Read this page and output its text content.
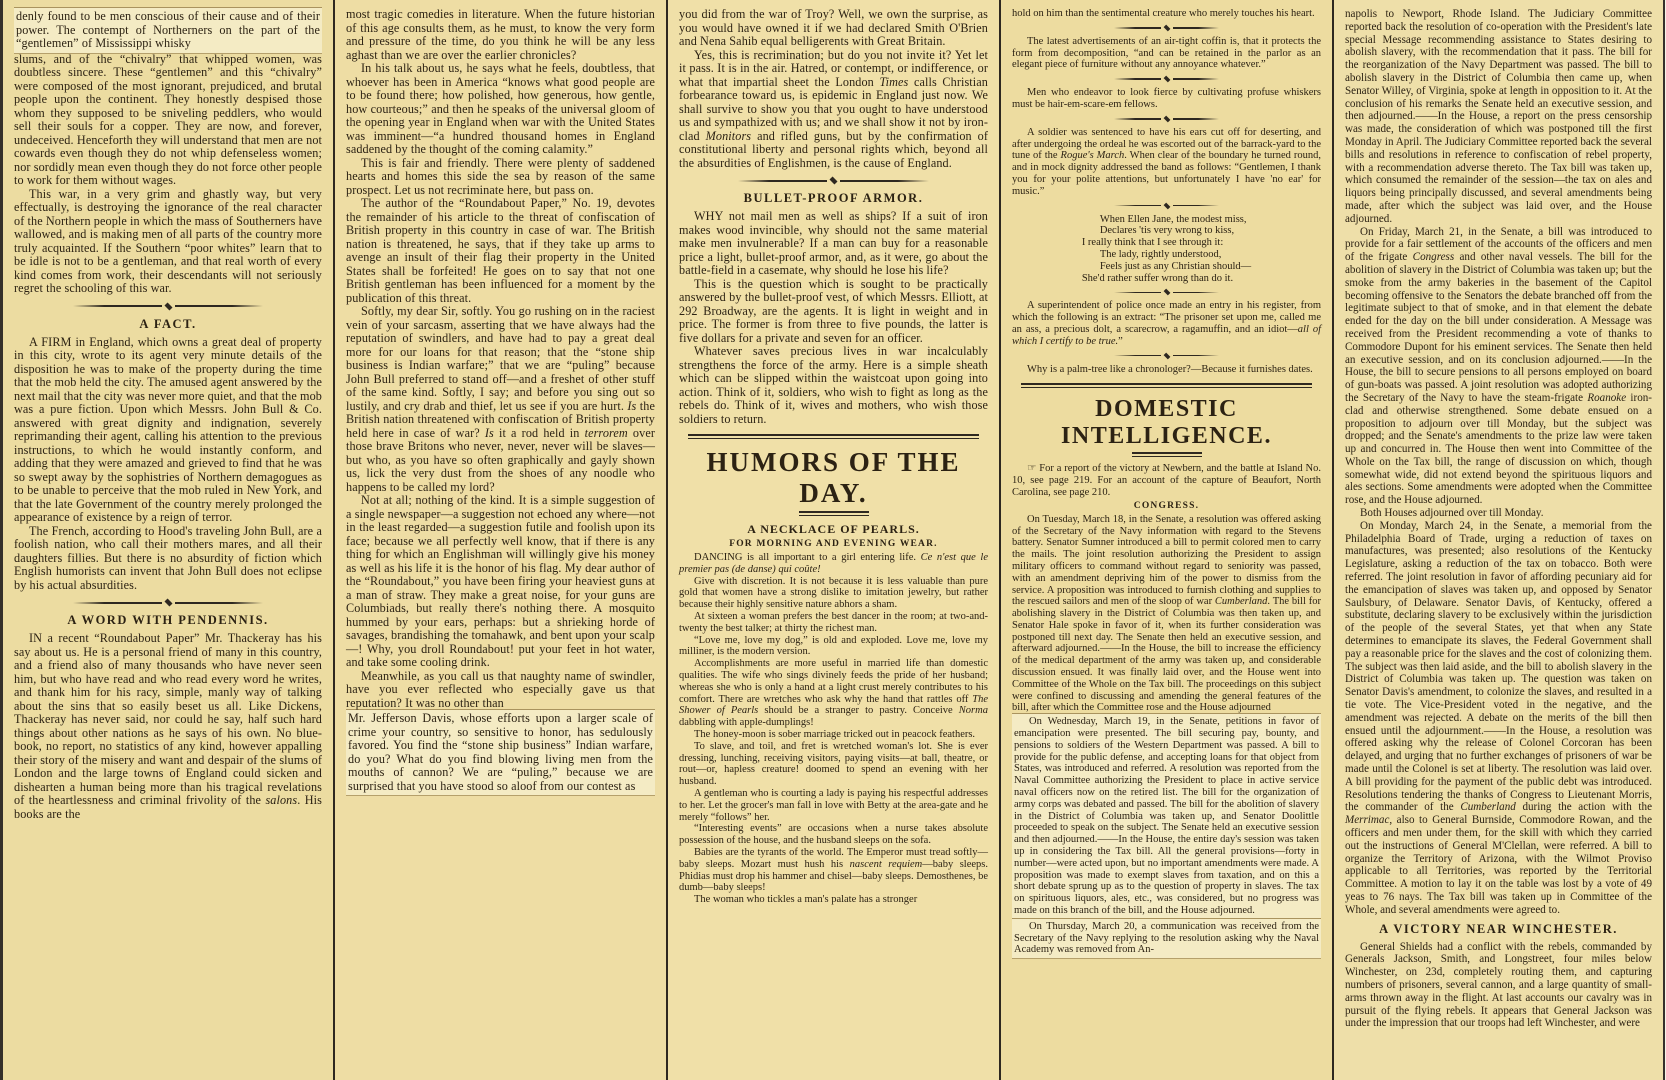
denly found to be men conscious of their cause and of their power. The contempt of Northerners on the part of the “gentlemen” of Mississippi whisky

slums, and of the “chivalry” that whipped women, was doubtless sincere. These “gentlemen” and this “chivalry” were composed of the most ignorant, prejudiced, and brutal people upon the continent. They honestly despised those whom they supposed to be sniveling peddlers, who would sell their souls for a copper. They are now, and forever, undeceived. Henceforth they will understand that men are not cowards even though they do not whip defenseless women; nor sordidly mean even though they do not force other people to work for them without wages.

This war, in a very grim and ghastly way, but very effectually, is destroying the ignorance of the real character of the Northern people in which the mass of Southerners have wallowed, and is making men of all parts of the country more truly acquainted. If the Southern “poor whites” learn that to be idle is not to be a gentleman, and that real worth of every kind comes from work, their descendants will not seriously regret the schooling of this war.

A FACT.

A FIRM in England, which owns a great deal of property in this city, wrote to its agent very minute details of the disposition he was to make of the property during the time that the mob held the city. The amused agent answered by the next mail that the city was never more quiet, and that the mob was a pure fiction. Upon which Messrs. John Bull & Co. answered with great dignity and indignation, severely reprimanding their agent, calling his attention to the previous instructions, to which he would instantly conform, and adding that they were amazed and grieved to find that he was so swept away by the sophistries of Northern demagogues as to be unable to perceive that the mob ruled in New York, and that the late Government of the country merely prolonged the appearance of existence by a reign of terror.

The French, according to Hood's traveling John Bull, are a foolish nation, who call their mothers mares, and all their daughters fillies. But there is no absurdity of fiction which English humorists can invent that John Bull does not eclipse by his actual absurdities.

A WORD WITH PENDENNIS.

IN a recent “Roundabout Paper” Mr. Thackeray has his say about us. He is a personal friend of many in this country, and a friend also of many thousands who have never seen him, but who have read and who read every word he writes, and thank him for his racy, simple, manly way of talking about the sins that so easily beset us all. Like Dickens, Thackeray has never said, nor could he say, half such hard things about other nations as he says of his own. No blue-book, no report, no statistics of any kind, however appalling their story of the misery and want and despair of the slums of London and the large towns of England could sicken and dishearten a human being more than his tragical revelations of the heartlessness and criminal frivolity of the salons. His books are the

most tragic comedies in literature. When the future historian of this age consults them, as he must, to know the very form and pressure of the time, do you think he will be any less aghast than we are over the earlier chronicles?

In his talk about us, he says what he feels, doubtless, that whoever has been in America “knows what good people are to be found there; how polished, how generous, how gentle, how courteous;” and then he speaks of the universal gloom of the opening year in England when war with the United States was imminent—“a hundred thousand homes in England saddened by the thought of the coming calamity.”

This is fair and friendly. There were plenty of saddened hearts and homes this side the sea by reason of the same prospect. Let us not recriminate here, but pass on.

The author of the “Roundabout Paper,” No. 19, devotes the remainder of his article to the threat of confiscation of British property in this country in case of war. The British nation is threatened, he says, that if they take up arms to avenge an insult of their flag their property in the United States shall be forfeited! He goes on to say that not one British gentleman has been influenced for a moment by the publication of this threat.

Softly, my dear Sir, softly. You go rushing on in the raciest vein of your sarcasm, asserting that we have always had the reputation of swindlers, and have had to pay a great deal more for our loans for that reason; that the “stone ship business is Indian warfare;” that we are “puling” because John Bull preferred to stand off—and a freshet of other stuff of the same kind. Softly, I say; and before you sing out so lustily, and cry drab and thief, let us see if you are hurt. Is the British nation threatened with confiscation of British property held here in case of war? Is it a rod held in terrorem over those brave Britons who never, never, never will be slaves—but who, as you have so often graphically and gayly shown us, lick the very dust from the shoes of any noodle who happens to be called my lord?

Not at all; nothing of the kind. It is a simple suggestion of a single newspaper—a suggestion not echoed any where—not in the least regarded—a suggestion futile and foolish upon its face; because we all perfectly well know, that if there is any thing for which an Englishman will willingly give his money as well as his life it is the honor of his flag. My dear author of the “Roundabout,” you have been firing your heaviest guns at a man of straw. They make a great noise, for your guns are Columbiads, but really there's nothing there. A mosquito hummed by your ears, perhaps: but a shrieking horde of savages, brandishing the tomahawk, and bent upon your scalp—! Why, you droll Roundabout! put your feet in hot water, and take some cooling drink.

Meanwhile, as you call us that naughty name of swindler, have you ever reflected who especially gave us that reputation? It was no other than

Mr. Jefferson Davis, whose efforts upon a larger scale of crime your country, so sensitive to honor, has sedulously favored. You find the “stone ship business” Indian warfare, do you? What do you find blowing living men from the mouths of cannon? We are “puling,” because we are surprised that you have stood so aloof from our contest as

you did from the war of Troy? Well, we own the surprise, as you would have owned it if we had declared Smith O'Brien and Nena Sahib equal belligerents with Great Britain.

Yes, this is recrimination; but do you not invite it? Yet let it pass. It is in the air. Hatred, or contempt, or indifference, or what that impartial sheet the London Times calls Christian forbearance toward us, is epidemic in England just now. We shall survive to show you that you ought to have understood us and sympathized with us; and we shall show it not by iron-clad Monitors and rifled guns, but by the confirmation of constitutional liberty and personal rights which, beyond all the absurdities of Englishmen, is the cause of England.

BULLET-PROOF ARMOR.

WHY not mail men as well as ships? If a suit of iron makes wood invincible, why should not the same material make men invulnerable? If a man can buy for a reasonable price a light, bullet-proof armor, and, as it were, go about the battle-field in a casemate, why should he lose his life?

This is the question which is sought to be practically answered by the bullet-proof vest, of which Messrs. Elliott, at 292 Broadway, are the agents. It is light in weight and in price. The former is from three to five pounds, the latter is five dollars for a private and seven for an officer.

Whatever saves precious lives in war incalculably strengthens the force of the army. Here is a simple sheath which can be slipped within the waistcoat upon going into action. Think of it, soldiers, who wish to fight as long as the rebels do. Think of it, wives and mothers, who wish those soldiers to return.

HUMORS OF THE DAY.
A NECKLACE OF PEARLS.
FOR MORNING AND EVENING WEAR.

DANCING is all important to a girl entering life. Ce n'est que le premier pas (de danse) qui coûte!

Give with discretion. It is not because it is less valuable than pure gold that women have a strong dislike to imitation jewelry, but rather because their highly sensitive nature abhors a sham.

At sixteen a woman prefers the best dancer in the room; at two-and-twenty the best talker; at thirty the richest man.

“Love me, love my dog,” is old and exploded. Love me, love my milliner, is the modern version.

Accomplishments are more useful in married life than domestic qualities. The wife who sings divinely feeds the pride of her husband; whereas she who is only a hand at a light crust merely contributes to his comfort. There are wretches who ask why the hand that rattles off The Shower of Pearls should be a stranger to pastry. Conceive Norma dabbling with apple-dumplings!

The honey-moon is sober marriage tricked out in peacock feathers.

To slave, and toil, and fret is wretched woman's lot. She is ever dressing, lunching, receiving visitors, paying visits—at ball, theatre, or rout—or, hapless creature! doomed to spend an evening with her husband.

A gentleman who is courting a lady is paying his respectful addresses to her. Let the grocer's man fall in love with Betty at the area-gate and he merely “follows” her.

“Interesting events” are occasions when a nurse takes absolute possession of the house, and the husband sleeps on the sofa.

Babies are the tyrants of the world. The Emperor must tread softly—baby sleeps. Mozart must hush his nascent requiem—baby sleeps. Phidias must drop his hammer and chisel—baby sleeps. Demosthenes, be dumb—baby sleeps!

The woman who tickles a man's palate has a stronger

hold on him than the sentimental creature who merely touches his heart.

The latest advertisements of an air-tight coffin is, that it protects the form from decomposition, “and can be retained in the parlor as an elegant piece of furniture without any annoyance whatever.”

Men who endeavor to look fierce by cultivating profuse whiskers must be hair-em-scare-em fellows.

A soldier was sentenced to have his ears cut off for deserting, and after undergoing the ordeal he was escorted out of the barrack-yard to the tune of the Rogue's March. When clear of the boundary he turned round, and in mock dignity addressed the band as follows: “Gentlemen, I thank you for your polite attentions, but unfortunately I have 'no ear' for music.”

When Ellen Jane, the modest miss,
Declares 'tis very wrong to kiss,
I really think that I see through it:
The lady, rightly understood,
Feels just as any Christian should—
She'd rather suffer wrong than do it.

A superintendent of police once made an entry in his register, from which the following is an extract: “The prisoner set upon me, called me an ass, a precious dolt, a scarecrow, a ragamuffin, and an idiot—all of which I certify to be true.”

Why is a palm-tree like a chronologer?—Because it furnishes dates.

DOMESTIC INTELLIGENCE.

☞ For a report of the victory at Newbern, and the battle at Island No. 10, see page 219. For an account of the capture of Beaufort, North Carolina, see page 210.

CONGRESS.

On Tuesday, March 18, in the Senate, a resolution was offered asking of the Secretary of the Navy information with regard to the Stevens battery. Senator Sumner introduced a bill to permit colored men to carry the mails. The joint resolution authorizing the President to assign military officers to command without regard to seniority was passed, with an amendment depriving him of the power to dismiss from the service. A proposition was introduced to furnish clothing and supplies to the rescued sailors and men of the sloop of war Cumberland. The bill for abolishing slavery in the District of Columbia was then taken up, and Senator Hale spoke in favor of it, when its further consideration was postponed till next day. The Senate then held an executive session, and afterward adjourned.——In the House, the bill to increase the efficiency of the medical department of the army was taken up, and considerable discussion ensued. It was finally laid over, and the House went into Committee of the Whole on the Tax bill. The proceedings on this subject were confined to discussing and amending the general features of the bill, after which the Committee rose and the House adjourned

On Wednesday, March 19, in the Senate, petitions in favor of emancipation were presented. The bill securing pay, bounty, and pensions to soldiers of the Western Department was passed. A bill to provide for the public defense, and accepting loans for that object from States, was introduced and referred. A resolution was reported from the Naval Committee authorizing the President to place in active service naval officers now on the retired list. The bill for the organization of army corps was debated and passed. The bill for the abolition of slavery in the District of Columbia was taken up, and Senator Doolittle proceeded to speak on the subject. The Senate held an executive session and then adjourned.——In the House, the entire day's session was taken up in considering the Tax bill. All the general provisions—forty in number—were acted upon, but no important amendments were made. A proposition was made to exempt slaves from taxation, and on this a short debate sprung up as to the question of property in slaves. The tax on spirituous liquors, ales, etc., was considered, but no progress was made on this branch of the bill, and the House adjourned.

On Thursday, March 20, a communication was received from the Secretary of the Navy replying to the resolution asking why the Naval Academy was removed from An-

napolis to Newport, Rhode Island. The Judiciary Committee reported back the resolution of co-operation with the President's late special Message recommending assistance to States desiring to abolish slavery, with the recommendation that it pass. The bill for the reorganization of the Navy Department was passed. The bill to abolish slavery in the District of Columbia then came up, when Senator Willey, of Virginia, spoke at length in opposition to it. At the conclusion of his remarks the Senate held an executive session, and then adjourned.——In the House, a report on the press censorship was made, the consideration of which was postponed till the first Monday in April. The Judiciary Committee reported back the several bills and resolutions in reference to confiscation of rebel property, with a recommendation adverse thereto. The Tax bill was taken up, which consumed the remainder of the session—the tax on ales and liquors being principally discussed, and several amendments being made, after which the subject was laid over, and the House adjourned.

On Friday, March 21, in the Senate, a bill was introduced to provide for a fair settlement of the accounts of the officers and men of the frigate Congress and other naval vessels. The bill for the abolition of slavery in the District of Columbia was taken up; but the smoke from the army bakeries in the basement of the Capitol becoming offensive to the Senators the debate branched off from the legitimate subject to that of smoke, and in that element the debate ended for the day on the bill under consideration. A Message was received from the President recommending a vote of thanks to Commodore Dupont for his eminent services. The Senate then held an executive session, and on its conclusion adjourned.——In the House, the bill to secure pensions to all persons employed on board of gun-boats was passed. A joint resolution was adopted authorizing the Secretary of the Navy to have the steam-frigate Roanoke iron-clad and otherwise strengthened. Some debate ensued on a proposition to adjourn over till Monday, but the subject was dropped; and the Senate's amendments to the prize law were taken up and concurred in. The House then went into Committee of the Whole on the Tax bill, the range of discussion on which, though somewhat wide, did not extend beyond the spirituous liquors and ales sections. Some amendments were adopted when the Committee rose, and the House adjourned.

Both Houses adjourned over till Monday.

On Monday, March 24, in the Senate, a memorial from the Philadelphia Board of Trade, urging a reduction of taxes on manufactures, was presented; also resolutions of the Kentucky Legislature, asking a reduction of the tax on tobacco. Both were referred. The joint resolution in favor of affording pecuniary aid for the emancipation of slaves was taken up, and opposed by Senator Saulsbury, of Delaware. Senator Davis, of Kentucky, offered a substitute, declaring slavery to be exclusively within the jurisdiction of the people of the several States, yet that when any State determines to emancipate its slaves, the Federal Government shall pay a reasonable price for the slaves and the cost of colonizing them. The subject was then laid aside, and the bill to abolish slavery in the District of Columbia was taken up. The question was taken on Senator Davis's amendment, to colonize the slaves, and resulted in a tie vote. The Vice-President voted in the negative, and the amendment was rejected. A debate on the merits of the bill then ensued until the adjournment.——In the House, a resolution was offered asking why the release of Colonel Corcoran has been delayed, and urging that no further exchanges of prisoners of war be made until the Colonel is set at liberty. The resolution was laid over. A bill providing for the payment of the public debt was introduced. Resolutions tendering the thanks of Congress to Lieutenant Morris, the commander of the Cumberland during the action with the Merrimac, also to General Burnside, Commodore Rowan, and the officers and men under them, for the skill with which they carried out the instructions of General M'Clellan, were referred. A bill to organize the Territory of Arizona, with the Wilmot Proviso applicable to all Territories, was reported by the Territorial Committee. A motion to lay it on the table was lost by a vote of 49 yeas to 76 nays. The Tax bill was taken up in Committee of the Whole, and several amendments were agreed to.

A VICTORY NEAR WINCHESTER.

General Shields had a conflict with the rebels, commanded by Generals Jackson, Smith, and Longstreet, four miles below Winchester, on 23d, completely routing them, and capturing numbers of prisoners, several cannon, and a large quantity of small-arms thrown away in the flight. At last accounts our cavalry was in pursuit of the flying rebels. It appears that General Jackson was under the impression that our troops had left Winchester, and were
